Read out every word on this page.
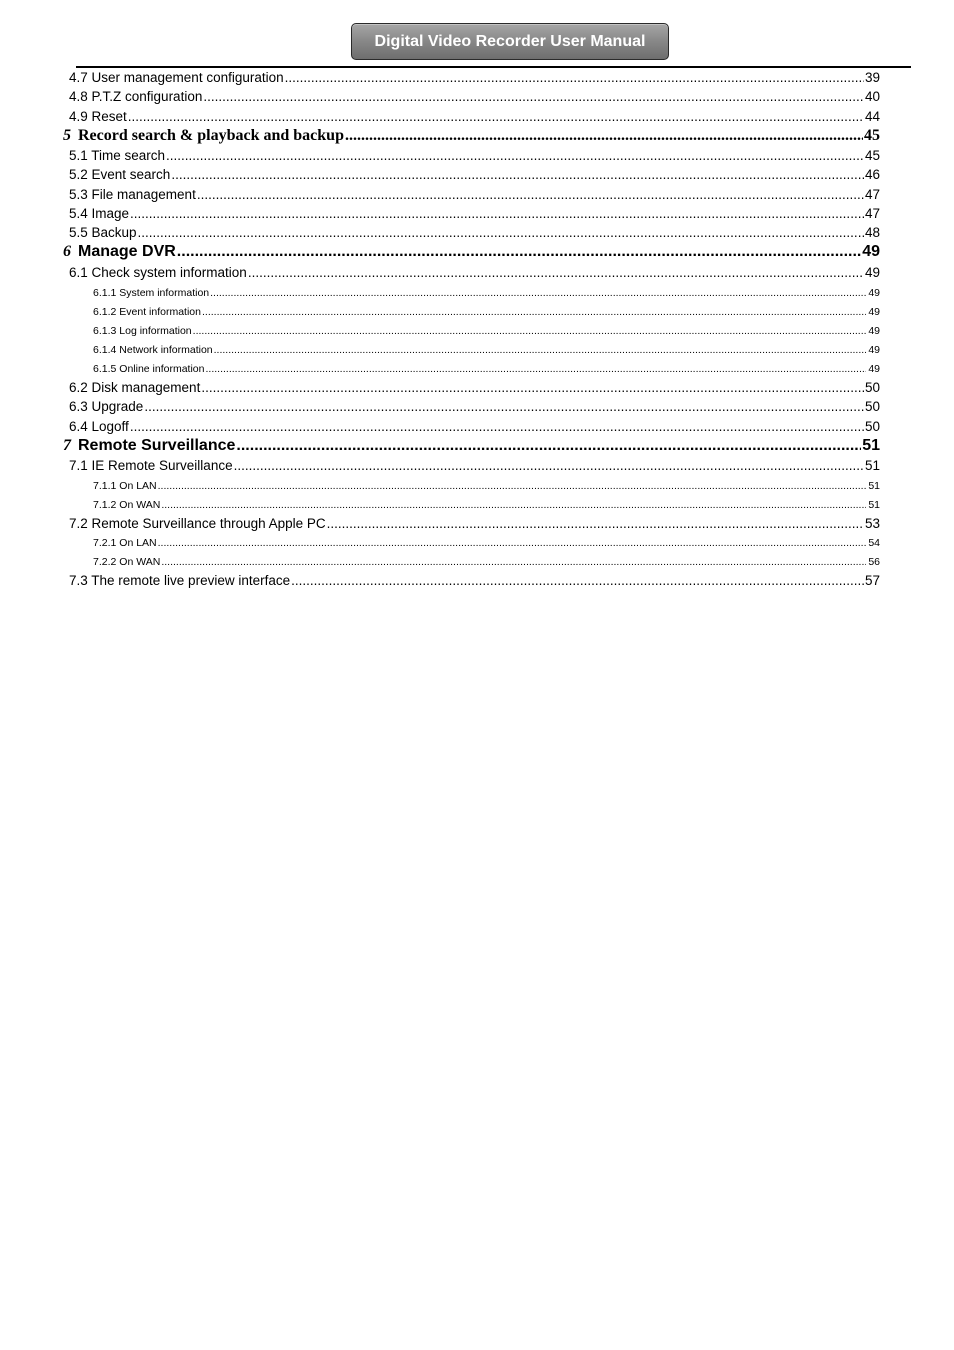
Digital Video Recorder User Manual
4.7 User management configuration .....	39
4.8 P.T.Z configuration .....	40
4.9 Reset .....	44
5 Record search & playback and backup .....	45
5.1 Time search .....	45
5.2 Event search .....	46
5.3 File management .....	47
5.4 Image .....	47
5.5 Backup .....	48
6 Manage DVR .....	49
6.1 Check system information .....	49
6.1.1 System information .....	49
6.1.2 Event information .....	49
6.1.3 Log information .....	49
6.1.4 Network information .....	49
6.1.5 Online information .....	49
6.2 Disk management .....	50
6.3 Upgrade .....	50
6.4 Logoff .....	50
7 Remote Surveillance .....	51
7.1 IE Remote Surveillance .....	51
7.1.1 On LAN .....	51
7.1.2 On WAN .....	51
7.2 Remote Surveillance through Apple PC .....	53
7.2.1 On LAN .....	54
7.2.2 On WAN .....	56
7.3 The remote live preview interface .....	57
